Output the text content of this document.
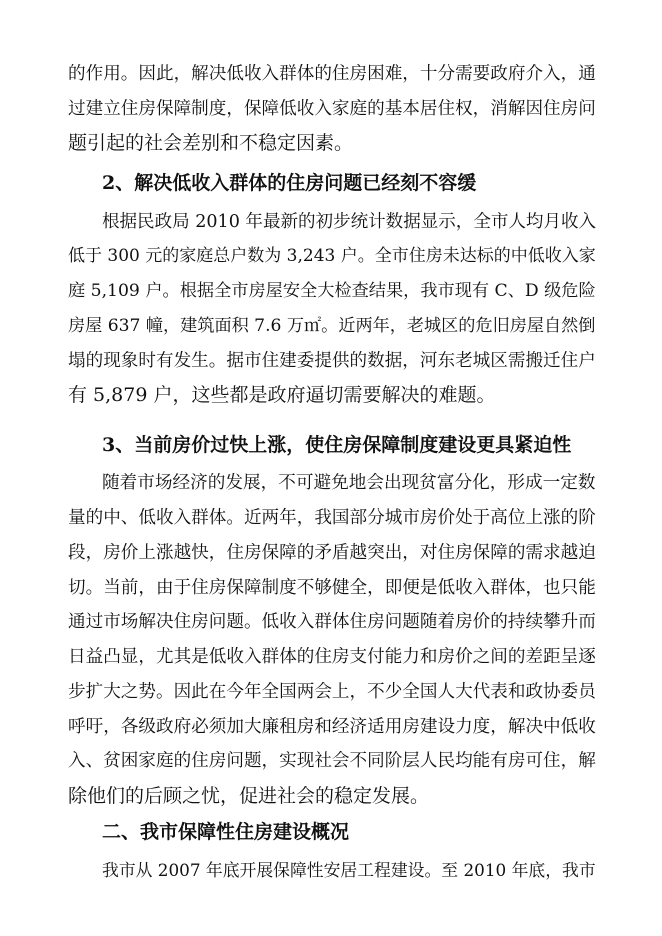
的作用。因此，解决低收入群体的住房困难，十分需要政府介入，通
过建立住房保障制度，保障低收入家庭的基本居住权，消解因住房问
题引起的社会差别和不稳定因素。
2、解决低收入群体的住房问题已经刻不容缓
根据民政局 2010 年最新的初步统计数据显示，全市人均月收入
低于 300 元的家庭总户数为 3,243 户。全市住房未达标的中低收入家
庭 5,109 户。根据全市房屋安全大检查结果，我市现有 C、D 级危险
房屋 637 幢，建筑面积 7.6 万㎡。近两年，老城区的危旧房屋自然倒
塌的现象时有发生。据市住建委提供的数据，河东老城区需搬迁住户
有 5,879 户，这些都是政府逼切需要解决的难题。
3、当前房价过快上涨，使住房保障制度建设更具紧迫性
随着市场经济的发展，不可避免地会出现贫富分化，形成一定数
量的中、低收入群体。近两年，我国部分城市房价处于高位上涨的阶
段，房价上涨越快，住房保障的矛盾越突出，对住房保障的需求越迫
切。当前，由于住房保障制度不够健全，即便是低收入群体，也只能
通过市场解决住房问题。低收入群体住房问题随着房价的持续攀升而
日益凸显，尤其是低收入群体的住房支付能力和房价之间的差距呈逐
步扩大之势。因此在今年全国两会上，不少全国人大代表和政协委员
呼吁，各级政府必须加大廉租房和经济适用房建设力度，解决中低收
入、贫困家庭的住房问题，实现社会不同阶层人民均能有房可住，解
除他们的后顾之忧，促进社会的稳定发展。
二、我市保障性住房建设概况
我市从 2007 年底开展保障性安居工程建设。至 2010 年底，我市
